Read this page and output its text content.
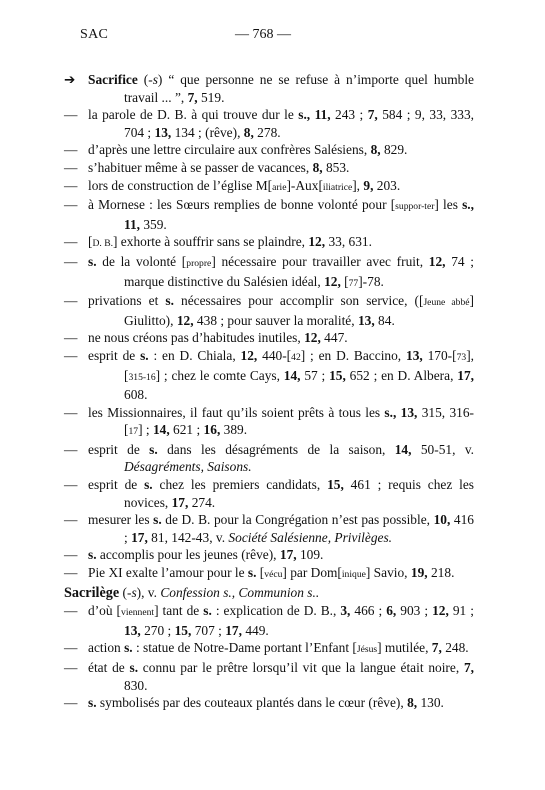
SAC	— 768 —
➔ Sacrifice (-s) “ que personne ne se refuse à n’importe quel humble travail ... ”, 7, 519.
— la parole de D. B. à qui trouve dur le s., 11, 243 ; 7, 584 ; 9, 33, 333, 704 ; 13, 134 ; (rêve), 8, 278.
— d’après une lettre circulaire aux confrères Salésiens, 8, 829.
— s’habituer même à se passer de vacances, 8, 853.
— lors de construction de l’église M[arie]-Aux[iliatrice], 9, 203.
— à Mornese : les Sœurs remplies de bonne volonté pour [suppor-ter] les s., 11, 359.
— [D. B.] exhorte à souffrir sans se plaindre, 12, 33, 631.
— s. de la volonté [propre] nécessaire pour travailler avec fruit, 12, 74 ; marque distinctive du Salésien idéal, 12, [77]-78.
— privations et s. nécessaires pour accomplir son service, ([Jeune abbé] Giulitto), 12, 438 ; pour sauver la moralité, 13, 84.
— ne nous créons pas d’habitudes inutiles, 12, 447.
— esprit de s. : en D. Chiala, 12, 440-[42] ; en D. Baccino, 13, 170-[73], [315-16] ; chez le comte Cays, 14, 57 ; 15, 652 ; en D. Albera, 17, 608.
— les Missionnaires, il faut qu’ils soient prêts à tous les s., 13, 315, 316-[17] ; 14, 621 ; 16, 389.
— esprit de s. dans les désagréments de la saison, 14, 50-51, v. Désagréments, Saisons.
— esprit de s. chez les premiers candidats, 15, 461 ; requis chez les novices, 17, 274.
— mesurer les s. de D. B. pour la Congrégation n’est pas possible, 10, 416 ; 17, 81, 142-43, v. Société Salésienne, Privilèges.
— s. accomplis pour les jeunes (rêve), 17, 109.
— Pie XI exalte l’amour pour le s. [vécu] par Dom[inique] Savio, 19, 218.
Sacrilège (-s), v. Confession s., Communion s..
— d’où [viennent] tant de s. : explication de D. B., 3, 466 ; 6, 903 ; 12, 91 ; 13, 270 ; 15, 707 ; 17, 449.
— action s. : statue de Notre-Dame portant l’Enfant [Jésus] mutilée, 7, 248.
— état de s. connu par le prêtre lorsqu’il vit que la langue était noire, 7, 830.
— s. symbolisés par des couteaux plantés dans le cœur (rêve), 8, 130.
